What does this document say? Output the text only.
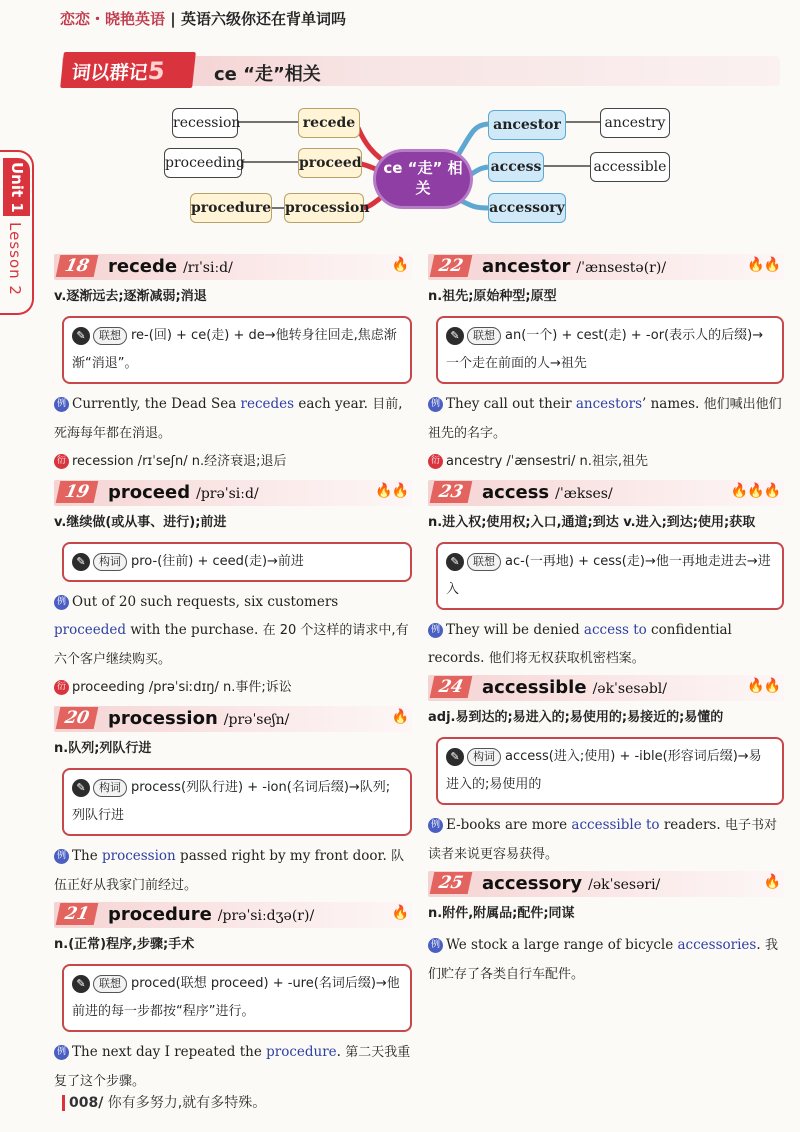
恋恋・晓艳英语 | 英语六级你还在背单词吗
词以群记5	ce “走”相关
recession	recede
proceeding	proceed
procedure procession
ce “走” 相关
ancestor	ancestry
access	accessible
accessory
Unit 1
Lesson 2	18 recede /rɪˈsiːd/	🔥
v.逐渐远去;逐渐减弱;消退
✎ 联想 re-(回) + ce(走) + de→他转身往回走,焦虑渐渐“消退”。
例 Currently, the Dead Sea recedes each year. 目前,死海每年都在消退。
衍 recession /rɪˈseʃn/ n.经济衰退;退后
19 proceed /prəˈsiːd/	🔥🔥
v.继续做(或从事、进行);前进
✎ 构词 pro-(往前) + ceed(走)→前进
例 Out of 20 such requests, six customers proceeded with the purchase. 在 20 个这样的请求中,有六个客户继续购买。
衍 proceeding /prəˈsiːdɪŋ/ n.事件;诉讼
20 procession /prəˈseʃn/	🔥
n.队列;列队行进
✎ 构词 process(列队行进) + -ion(名词后缀)→队列;列队行进
例 The procession passed right by my front door. 队伍正好从我家门前经过。
21 procedure /prəˈsiːdʒə(r)/	🔥
n.(正常)程序,步骤;手术
✎ 联想 proced(联想 proceed) + -ure(名词后缀)→他前进的每一步都按“程序”进行。
例 The next day I repeated the procedure. 第二天我重复了这个步骤。
22 ancestor /ˈænsestə(r)/	🔥🔥
n.祖先;原始种型;原型
✎ 联想 an(一个) + cest(走) + -or(表示人的后缀)→一个走在前面的人→祖先
例 They call out their ancestors’ names. 他们喊出他们祖先的名字。
衍 ancestry /ˈænsestri/ n.祖宗,祖先
23 access /ˈækses/	🔥🔥🔥
n.进入权;使用权;入口,通道;到达 v.进入;到达;使用;获取
✎ 联想 ac-(一再地) + cess(走)→他一再地走进去→进入
例 They will be denied access to confidential records. 他们将无权获取机密档案。
24 accessible /əkˈsesəbl/	🔥🔥
adj.易到达的;易进入的;易使用的;易接近的;易懂的
✎ 构词 access(进入;使用) + -ible(形容词后缀)→易进入的;易使用的
例 E-books are more accessible to readers. 电子书对读者来说更容易获得。
25 accessory /əkˈsesəri/	🔥
n.附件,附属品;配件;同谋
例 We stock a large range of bicycle accessories. 我们贮存了各类自行车配件。
008/ 你有多努力,就有多特殊。
